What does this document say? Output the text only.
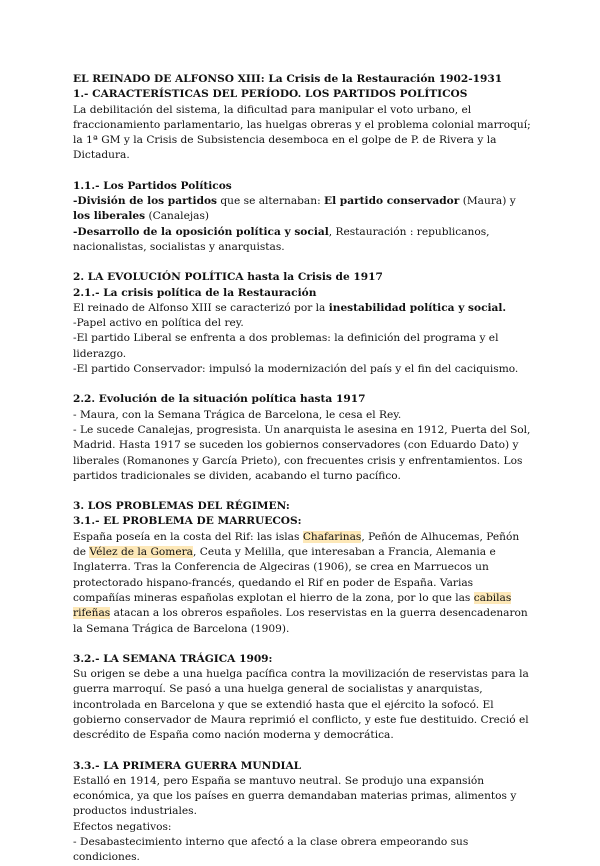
EL REINADO DE ALFONSO XIII: La Crisis de la Restauración 1902-1931

1.- CARACTERÍSTICAS DEL PERÍODO. LOS PARTIDOS POLÍTICOS

La debilitación del sistema, la dificultad para manipular el voto urbano, el fraccionamiento parlamentario, las huelgas obreras y el problema colonial marroquí; la 1ª GM y la Crisis de Subsistencia desemboca en el golpe de P. de Rivera y la Dictadura.

1.1.- Los Partidos Políticos

-División de los partidos que se alternaban: El partido conservador (Maura) y los liberales (Canalejas)

-Desarrollo de la oposición política y social, Restauración : republicanos, nacionalistas, socialistas y anarquistas.

2. LA EVOLUCIÓN POLÍTICA hasta la Crisis de 1917

2.1.- La crisis política de la Restauración

El reinado de Alfonso XIII se caracterizó por la inestabilidad política y social.

-Papel activo en política del rey.

-El partido Liberal se enfrenta a dos problemas: la definición del programa y el liderazgo.

-El partido Conservador: impulsó la modernización del país y el fin del caciquismo.

2.2. Evolución de la situación política hasta 1917

- Maura, con la Semana Trágica de Barcelona, le cesa el Rey.

- Le sucede Canalejas, progresista. Un anarquista le asesina en 1912, Puerta del Sol, Madrid. Hasta 1917 se suceden los gobiernos conservadores (con Eduardo Dato) y liberales (Romanones y García Prieto), con frecuentes crisis y enfrentamientos. Los partidos tradicionales se dividen, acabando el turno pacífico.

3. LOS PROBLEMAS DEL RÉGIMEN:

3.1.- EL PROBLEMA DE MARRUECOS:

España poseía en la costa del Rif: las islas Chafarinas, Peñón de Alhucemas, Peñón de Vélez de la Gomera, Ceuta y Melilla, que interesaban a Francia, Alemania e Inglaterra. Tras la Conferencia de Algeciras (1906), se crea en Marruecos un protectorado hispano-francés, quedando el Rif en poder de España. Varias compañías mineras españolas explotan el hierro de la zona, por lo que las cabilas rifeñas atacan a los obreros españoles. Los reservistas en la guerra desencadenaron la Semana Trágica de Barcelona (1909).

3.2.- LA SEMANA TRÁGICA 1909:

Su origen se debe a una huelga pacífica contra la movilización de reservistas para la guerra marroquí. Se pasó a una huelga general de socialistas y anarquistas, incontrolada en Barcelona y que se extendió hasta que el ejército la sofocó. El gobierno conservador de Maura reprimió el conflicto, y este fue destituido. Creció el descrédito de España como nación moderna y democrática.

3.3.- LA PRIMERA GUERRA MUNDIAL

Estalló en 1914, pero España se mantuvo neutral. Se produjo una expansión económica, ya que los países en guerra demandaban materias primas, alimentos y productos industriales.

Efectos negativos:

- Desabastecimiento interno que afectó a la clase obrera empeorando sus condiciones.
